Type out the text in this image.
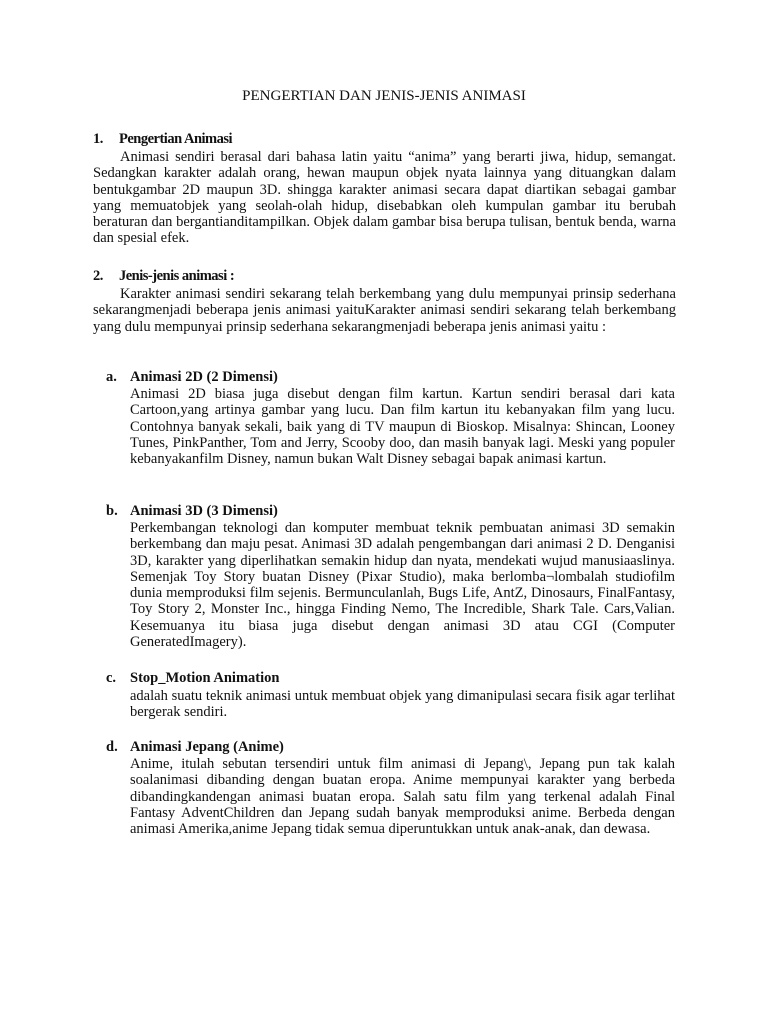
PENGERTIAN DAN JENIS-JENIS ANIMASI
1. Pengertian Animasi
Animasi sendiri berasal dari bahasa latin yaitu “anima” yang berarti jiwa, hidup, semangat. Sedangkan karakter adalah orang, hewan maupun objek nyata lainnya yang dituangkan dalam bentukgambar 2D maupun 3D. shingga karakter animasi secara dapat diartikan sebagai gambar yang memuatobjek yang seolah-olah hidup, disebabkan oleh kumpulan gambar itu berubah beraturan dan bergantianditampilkan. Objek dalam gambar bisa berupa tulisan, bentuk benda, warna dan spesial efek.
2. Jenis-jenis animasi :
Karakter animasi sendiri sekarang telah berkembang yang dulu mempunyai prinsip sederhana sekarangmenjadi beberapa jenis animasi yaituKarakter animasi sendiri sekarang telah berkembang yang dulu mempunyai prinsip sederhana sekarangmenjadi beberapa jenis animasi yaitu :
a. Animasi 2D (2 Dimensi)
Animasi 2D biasa juga disebut dengan film kartun. Kartun sendiri berasal dari kata Cartoon,yang artinya gambar yang lucu. Dan film kartun itu kebanyakan film yang lucu. Contohnya banyak sekali, baik yang di TV maupun di Bioskop. Misalnya: Shincan, Looney Tunes, PinkPanther, Tom and Jerry, Scooby doo, dan masih banyak lagi. Meski yang populer kebanyakanfilm Disney, namun bukan Walt Disney sebagai bapak animasi kartun.
b. Animasi 3D (3 Dimensi)
Perkembangan teknologi dan komputer membuat teknik pembuatan animasi 3D semakin berkembang dan maju pesat. Animasi 3D adalah pengembangan dari animasi 2 D. Denganisi 3D, karakter yang diperlihatkan semakin hidup dan nyata, mendekati wujud manusiaaslinya. Semenjak Toy Story buatan Disney (Pixar Studio), maka berlomba¬lombalah studiofilm dunia memproduksi film sejenis. Bermunculanlah, Bugs Life, AntZ, Dinosaurs, FinalFantasy, Toy Story 2, Monster Inc., hingga Finding Nemo, The Incredible, Shark Tale. Cars,Valian. Kesemuanya itu biasa juga disebut dengan animasi 3D atau CGI (Computer GeneratedImagery).
c. Stop_Motion Animation
adalah suatu teknik animasi untuk membuat objek yang dimanipulasi secara fisik agar terlihat bergerak sendiri.
d. Animasi Jepang (Anime)
Anime, itulah sebutan tersendiri untuk film animasi di Jepang\, Jepang pun tak kalah soalanimasi dibanding dengan buatan eropa. Anime mempunyai karakter yang berbeda dibandingkandengan animasi buatan eropa. Salah satu film yang terkenal adalah Final Fantasy AdventChildren dan Jepang sudah banyak memproduksi anime. Berbeda dengan animasi Amerika,anime Jepang tidak semua diperuntukkan untuk anak-anak, dan dewasa.
